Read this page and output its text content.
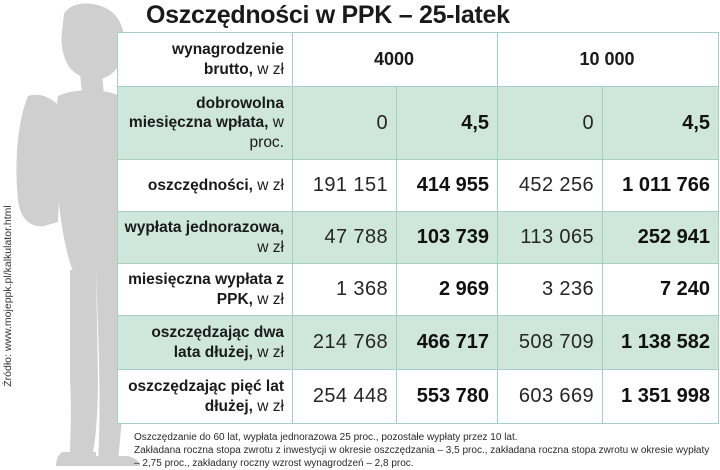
Źródło: www.mojeppk.pl/kalkulator.html
Oszczędności w PPK – 25-latek
wynagrodzenie brutto, w zł	4000		10 000	
dobrowolna miesięczna wpłata, w proc.	0	4,5	0	4,5
oszczędności, w zł	191 151	414 955	452 256	1 011 766
wypłata jednorazowa, w zł	47 788	103 739	113 065	252 941
miesięczna wypłata z PPK, w zł	1 368	2 969	3 236	7 240
oszczędzając dwa lata dłużej, w zł	214 768	466 717	508 709	1 138 582
oszczędzając pięć lat dłużej, w zł	254 448	553 780	603 669	1 351 998

Oszczędzanie do 60 lat, wypłata jednorazowa 25 proc., pozostałe wypłaty przez 10 lat.

Zakładana roczna stopa zwrotu z inwestycji w okresie oszczędzania – 3,5 proc., zakładana roczna stopa zwrotu w okresie wypłaty – 2,75 proc., zakładany roczny wzrost wynagrodzeń – 2,8 proc.
